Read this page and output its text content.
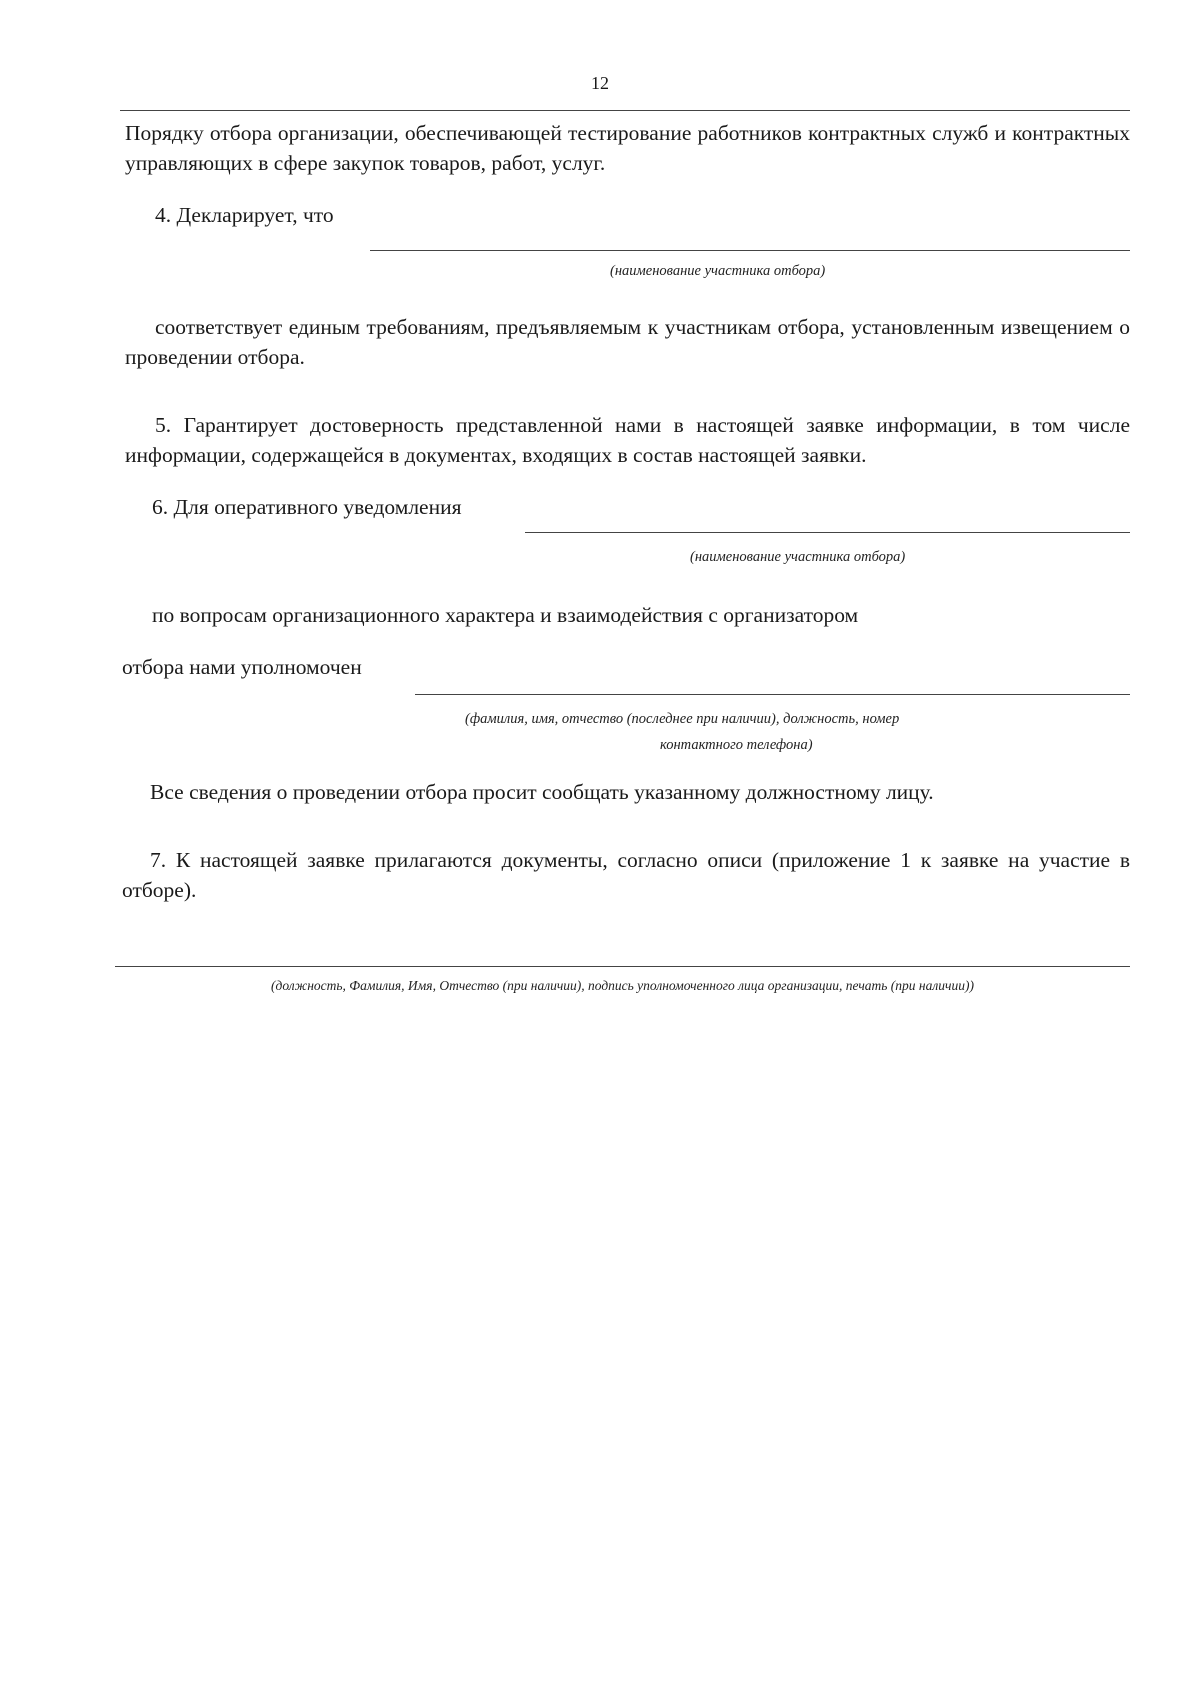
12
Порядку отбора организации, обеспечивающей тестирование работников контрактных служб и контрактных управляющих в сфере закупок товаров, работ, услуг.
4. Декларирует, что
(наименование участника отбора)
соответствует единым требованиям, предъявляемым к участникам отбора, установленным извещением о проведении отбора.
5. Гарантирует достоверность представленной нами в настоящей заявке информации, в том числе информации, содержащейся в документах, входящих в состав настоящей заявки.
6. Для оперативного уведомления
(наименование участника отбора)
по вопросам организационного характера и взаимодействия с организатором
отбора нами уполномочен
(фамилия, имя, отчество (последнее при наличии), должность, номер
контактного телефона)
Все сведения о проведении отбора просит сообщать указанному должностному лицу.
7. К настоящей заявке прилагаются документы, согласно описи (приложение 1 к заявке на участие в отборе).
(должность, Фамилия, Имя, Отчество (при наличии), подпись уполномоченного лица организации, печать (при наличии))
